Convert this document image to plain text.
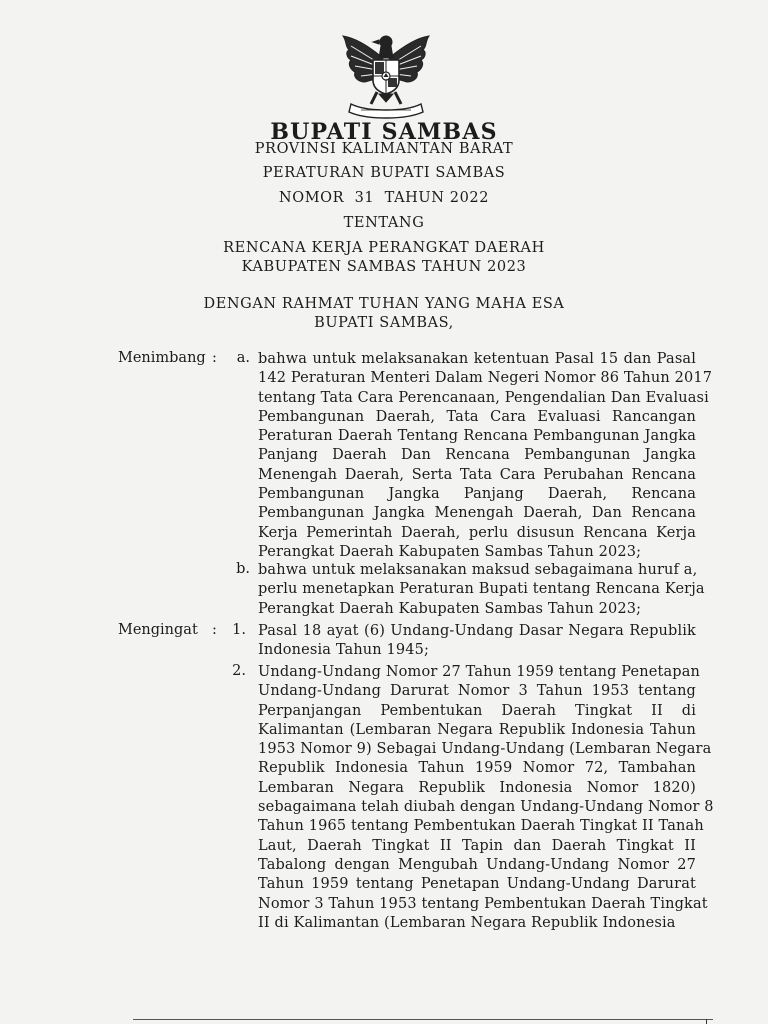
BUPATI SAMBAS
PROVINSI KALIMANTAN BARAT
PERATURAN BUPATI SAMBAS
NOMOR  31  TAHUN 2022
TENTANG
RENCANA KERJA PERANGKAT DAERAH
KABUPATEN SAMBAS TAHUN 2023
DENGAN RAHMAT TUHAN YANG MAHA ESA
BUPATI SAMBAS,
Menimbang :	a. bahwa untuk melaksanakan ketentuan Pasal 15 dan Pasal
142 Peraturan Menteri Dalam Negeri Nomor 86 Tahun 2017
tentang Tata Cara Perencanaan, Pengendalian Dan Evaluasi
Pembangunan Daerah, Tata Cara Evaluasi Rancangan
Peraturan Daerah Tentang Rencana Pembangunan Jangka
Panjang Daerah Dan Rencana Pembangunan Jangka
Menengah Daerah, Serta Tata Cara Perubahan Rencana
Pembangunan Jangka Panjang Daerah, Rencana
Pembangunan Jangka Menengah Daerah, Dan Rencana
Kerja Pemerintah Daerah, perlu disusun Rencana Kerja
Perangkat Daerah Kabupaten Sambas Tahun 2023;
b. bahwa untuk melaksanakan maksud sebagaimana huruf a,
perlu menetapkan Peraturan Bupati tentang Rencana Kerja
Perangkat Daerah Kabupaten Sambas Tahun 2023;
Mengingat :	1. Pasal 18 ayat (6) Undang-Undang Dasar Negara Republik
Indonesia Tahun 1945;
2. Undang-Undang Nomor 27 Tahun 1959 tentang Penetapan
Undang-Undang Darurat Nomor 3 Tahun 1953 tentang
Perpanjangan Pembentukan Daerah Tingkat II di
Kalimantan (Lembaran Negara Republik Indonesia Tahun
1953 Nomor 9) Sebagai Undang-Undang (Lembaran Negara
Republik Indonesia Tahun 1959 Nomor 72, Tambahan
Lembaran Negara Republik Indonesia Nomor 1820)
sebagaimana telah diubah dengan Undang-Undang Nomor 8
Tahun 1965 tentang Pembentukan Daerah Tingkat II Tanah
Laut, Daerah Tingkat II Tapin dan Daerah Tingkat II
Tabalong dengan Mengubah Undang-Undang Nomor 27
Tahun 1959 tentang Penetapan Undang-Undang Darurat
Nomor 3 Tahun 1953 tentang Pembentukan Daerah Tingkat
II di Kalimantan (Lembaran Negara Republik Indonesia
